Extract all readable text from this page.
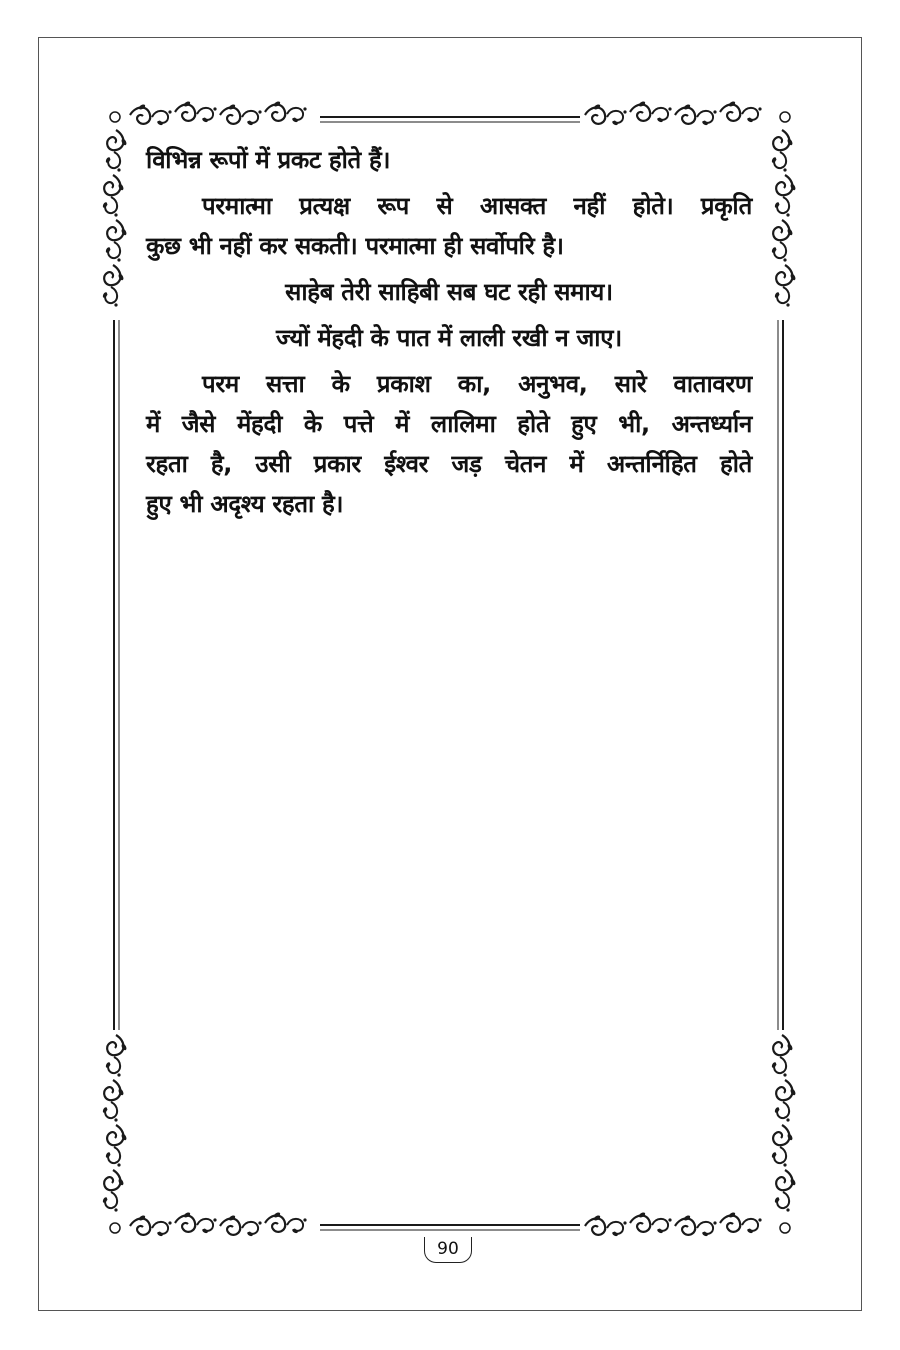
विभिन्न रूपों में प्रकट होते हैं।

परमात्मा प्रत्यक्ष रूप से आसक्त नहीं होते। प्रकृति

कुछ भी नहीं कर सकती। परमात्मा ही सर्वोपरि है।

साहेब तेरी साहिबी सब घट रही समाय।

ज्यों मेंहदी के पात में लाली रखी न जाए।

परम सत्ता के प्रकाश का, अनुभव, सारे वातावरण

में जैसे मेंहदी के पत्ते में लालिमा होते हुए भी, अन्तर्ध्यान

रहता है, उसी प्रकार ईश्वर जड़ चेतन में अन्तर्निहित होते

हुए भी अदृश्य रहता है।

90
